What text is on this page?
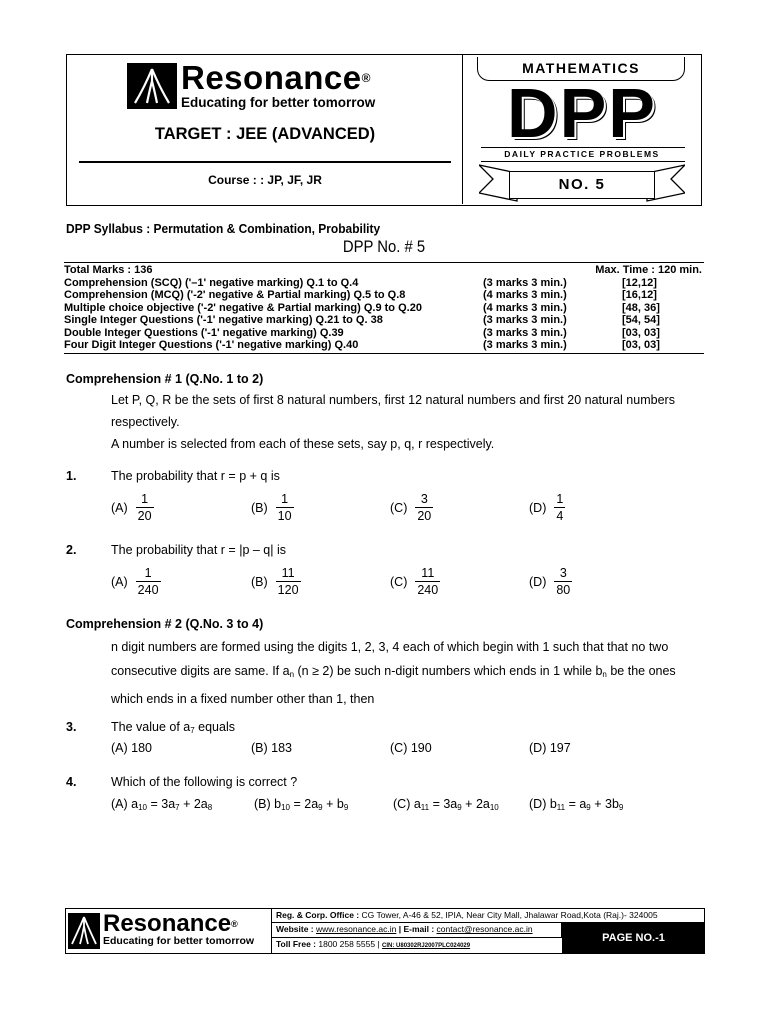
Resonance®
Educating for better tomorrow
TARGET : JEE (ADVANCED)
Course : : JP, JF, JR
MATHEMATICS
DPP
DAILY PRACTICE PROBLEMS
NO. 5
DPP Syllabus : Permutation & Combination, Probability
DPP No. # 5
Total Marks : 136	Max. Time : 120 min.
Comprehension (SCQ) ('–1' negative marking) Q.1 to Q.4	(3 marks 3 min.)	[12,12]
Comprehension (MCQ) ('-2' negative & Partial marking) Q.5 to Q.8	(4 marks 3 min.)	[16,12]
Multiple choice objective ('-2' negative & Partial marking) Q.9 to Q.20	(4 marks 3 min.)	[48, 36]
Single Integer Questions ('-1' negative marking) Q.21 to Q. 38	(3 marks 3 min.)	[54, 54]
Double Integer Questions ('-1' negative marking) Q.39	(3 marks 3 min.)	[03, 03]
Four Digit Integer Questions ('-1' negative marking) Q.40	(3 marks 3 min.)	[03, 03]
Comprehension # 1 (Q.No. 1 to 2)
Let P, Q, R be the sets of first 8 natural numbers, first 12 natural numbers and first 20 natural numbers
respectively.
A number is selected from each of these sets, say p, q, r respectively.
1.	The probability that r = p + q is
$(A) \frac{1}{20}$	$(B) \frac{1}{10}$	$(C) \frac{3}{20}$	$(D) \frac{1}{4}$
2.	The probability that r = |p – q| is
$(A) \frac{1}{240}$	$(B) \frac{11}{120}$	$(C) \frac{11}{240}$	$(D) \frac{3}{80}$
Comprehension # 2 (Q.No. 3 to 4)
n digit numbers are formed using the digits 1, 2, 3, 4 each of which begin with 1 such that that no two
consecutive digits are same. If $a_n$ (n ≥ 2) be such n-digit numbers which ends in 1 while $b_n$ be the ones
which ends in a fixed number other than 1, then
3.	The value of $a_7$ equals
(A) 180	(B) 183	(C) 190	(D) 197
4.	Which of the following is correct ?
(A) $a_{10} = 3a_7 + 2a_8$	(B) $b_{10} = 2a_9 + b_9$	(C) $a_{11} = 3a_9 + 2a_{10}$ (D) $b_{11} = a_9 + 3b_9$
Resonance®
Educating for better tomorrow
Reg. & Corp. Office : CG Tower, A-46 & 52, IPIA, Near City Mall, Jhalawar Road,Kota (Raj.)- 324005
Website : www.resonance.ac.in | E-mail : contact@resonance.ac.in
Toll Free : 1800 258 5555 | CIN: U80302RJ2007PLC024029
PAGE NO.-1
